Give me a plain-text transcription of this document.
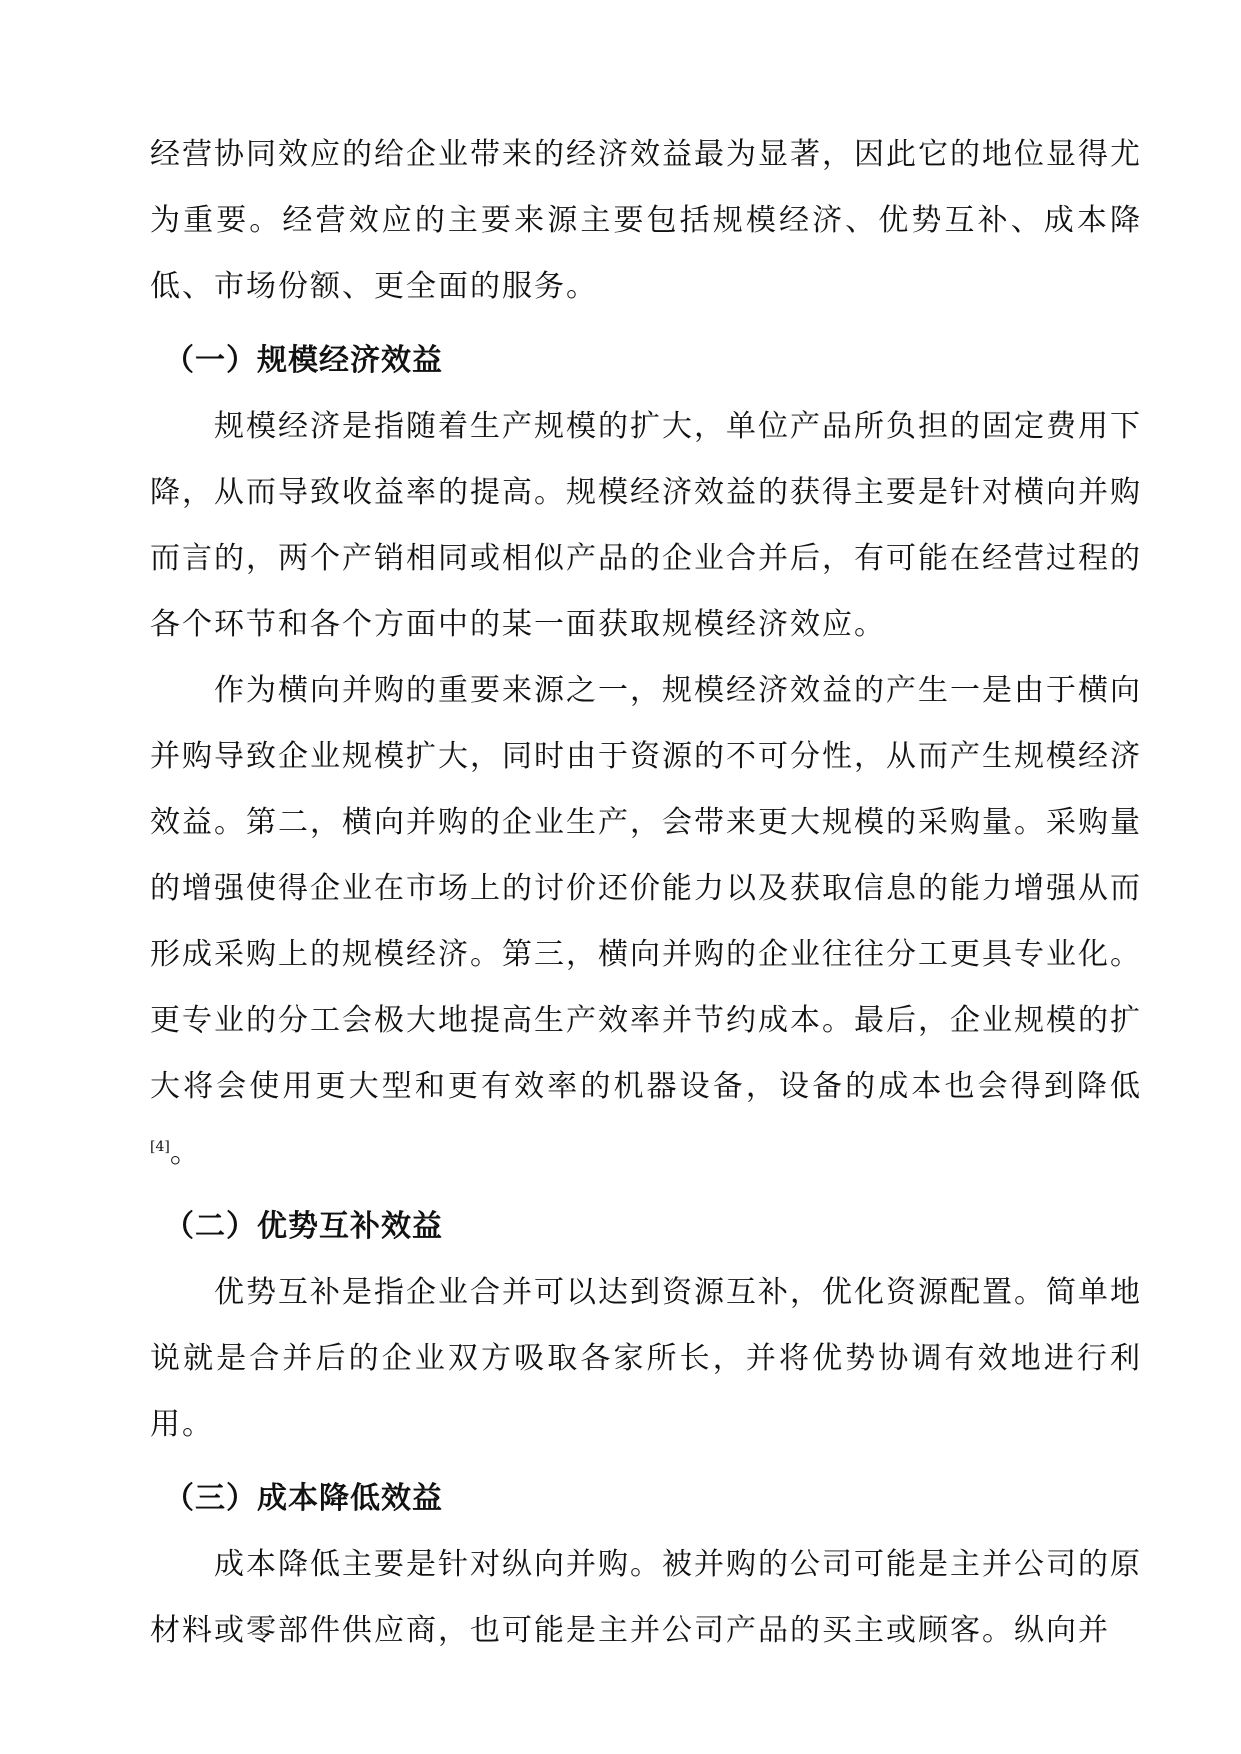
经营协同效应的给企业带来的经济效益最为显著，因此它的地位显得尤为重要。经营效应的主要来源主要包括规模经济、优势互补、成本降低、市场份额、更全面的服务。

（一）规模经济效益

规模经济是指随着生产规模的扩大，单位产品所负担的固定费用下降，从而导致收益率的提高。规模经济效益的获得主要是针对横向并购而言的，两个产销相同或相似产品的企业合并后，有可能在经营过程的各个环节和各个方面中的某一面获取规模经济效应。

作为横向并购的重要来源之一，规模经济效益的产生一是由于横向并购导致企业规模扩大，同时由于资源的不可分性，从而产生规模经济效益。第二，横向并购的企业生产，会带来更大规模的采购量。采购量的增强使得企业在市场上的讨价还价能力以及获取信息的能力增强从而形成采购上的规模经济。第三，横向并购的企业往往分工更具专业化。更专业的分工会极大地提高生产效率并节约成本。最后，企业规模的扩大将会使用更大型和更有效率的机器设备，设备的成本也会得到降低[4]。

（二）优势互补效益

优势互补是指企业合并可以达到资源互补，优化资源配置。简单地说就是合并后的企业双方吸取各家所长，并将优势协调有效地进行利用。

（三）成本降低效益

成本降低主要是针对纵向并购。被并购的公司可能是主并公司的原材料或零部件供应商，也可能是主并公司产品的买主或顾客。纵向并
